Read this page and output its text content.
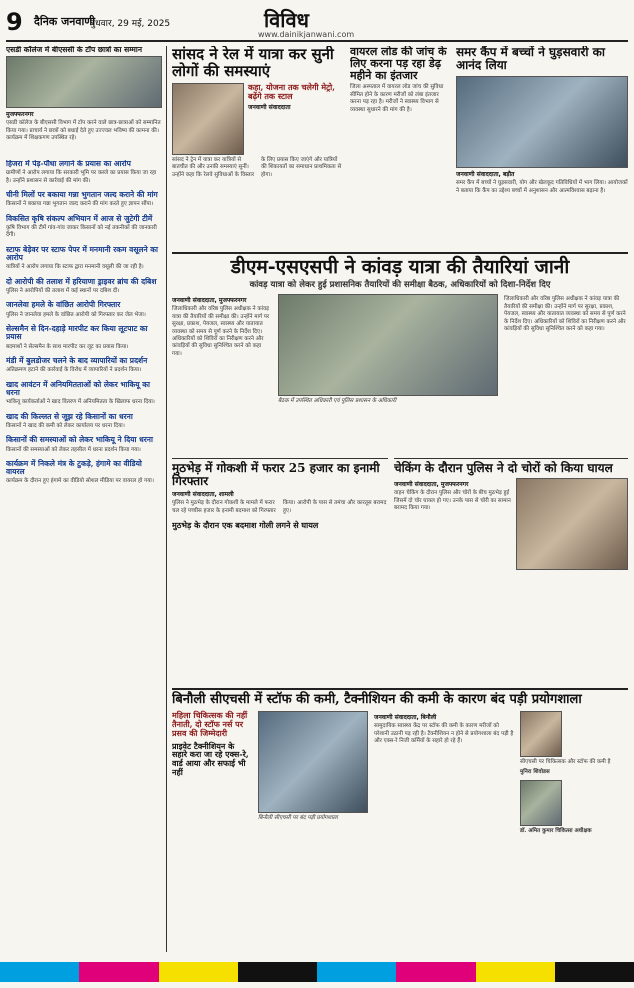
9 दैनिक जनवाणी
बुधवार, 29 मई, 2025	विविध
www.dainikjanwani.com

एसडी कॉलेज में बीएससी के टॉप छात्रों का सम्मान

मुजफ्फरनगर

एसडी कॉलेज के बीएससी विभाग में टॉप करने वाले छात्र-छात्राओं को सम्मानित किया गया। प्राचार्य ने छात्रों को बधाई देते हुए उज्ज्वल भविष्य की कामना की। कार्यक्रम में शिक्षकगण उपस्थित रहे।

हिजरा में पेड़-पौधा लगाने के प्रयास का आरोप

ग्रामीणों ने आरोप लगाया कि सरकारी भूमि पर कब्जे का प्रयास किया जा रहा है। उन्होंने प्रशासन से कार्रवाई की मांग की।

चीनी मिलों पर बकाया गन्ना भुगतान जल्द कराने की मांग

किसानों ने बकाया गन्ना भुगतान जल्द कराने की मांग करते हुए ज्ञापन सौंपा।

विकसित कृषि संकल्प अभियान में आज से जुटेगी टीमें

कृषि विभाग की टीमें गांव-गांव जाकर किसानों को नई तकनीकों की जानकारी देंगी।

स्टाफ बेड़ेवर पर स्टाफ पेपर में मनमानी रकम वसूलने का आरोप

यात्रियों ने आरोप लगाया कि स्टाफ द्वारा मनमानी वसूली की जा रही है।

दो आरोपी की तलाश में हरियाणा ड्राइवर ब्रांच की दबिश

पुलिस ने आरोपियों की तलाश में कई स्थानों पर दबिश दी।

जानलेवा हमले के वांछित आरोपी गिरफ्तार

पुलिस ने जानलेवा हमले के वांछित आरोपी को गिरफ्तार कर जेल भेजा।

सेल्समैन से दिन-दहाड़े मारपीट कर किया लूटपाट का प्रयास

बदमाशों ने सेल्समैन के साथ मारपीट कर लूट का प्रयास किया।

मंडी में बुलडोजर चलने के बाद व्यापारियों का प्रदर्शन

अतिक्रमण हटाने की कार्रवाई के विरोध में व्यापारियों ने प्रदर्शन किया।

खाद आवंटन में अनियमितताओं को लेकर भाकियू का धरना

भाकियू कार्यकर्ताओं ने खाद वितरण में अनियमितता के खिलाफ धरना दिया।

खाद की किल्लत से जूझ रहे किसानों का धरना

किसानों ने खाद की कमी को लेकर कार्यालय पर धरना दिया।

किसानों की समस्याओं को लेकर भाकियू ने दिया धरना

किसानों की समस्याओं को लेकर तहसील में धरना प्रदर्शन किया गया।

कार्यक्रम में निकले मंत्र के टुकड़े, हंगामे का वीडियो वायरल

कार्यक्रम के दौरान हुए हंगामे का वीडियो सोशल मीडिया पर वायरल हो गया।

सांसद ने रेल में यात्रा कर सुनी लोगों की समस्याएं

कहा, योजना तक चलेगी मेट्रो, बढ़ेंगे तक स्टाल

जनवाणी संवाददाता

सांसद ने ट्रेन में यात्रा कर यात्रियों से बातचीत की और उनकी समस्याएं सुनीं। उन्होंने कहा कि रेलवे सुविधाओं के विस्तार के लिए प्रयास किए जाएंगे और यात्रियों की शिकायतों का समाधान प्राथमिकता से होगा।

वायरल लोड की जांच के लिए करना पड़ रहा डेढ़ महीने का इंतजार

जिला अस्पताल में वायरल लोड जांच की सुविधा सीमित होने के कारण मरीजों को लंबा इंतजार करना पड़ रहा है। मरीजों ने स्वास्थ्य विभाग से व्यवस्था सुधारने की मांग की है।

समर कैंप में बच्चों ने घुड़सवारी का आनंद लिया

जनवाणी संवाददाता, बड़ौत

समर कैंप में बच्चों ने घुड़सवारी, योग और खेलकूद गतिविधियों में भाग लिया। आयोजकों ने बताया कि कैंप का उद्देश्य बच्चों में अनुशासन और आत्मविश्वास बढ़ाना है।

डीएम-एसएसपी ने कांवड़ यात्रा की तैयारियां जानी

कांवड़ यात्रा को लेकर हुई प्रशासनिक तैयारियों की समीक्षा बैठक, अधिकारियों को दिशा-निर्देश दिए

जनवाणी संवाददाता, मुजफ्फरनगर

जिलाधिकारी और वरिष्ठ पुलिस अधीक्षक ने कांवड़ यात्रा की तैयारियों की समीक्षा की। उन्होंने मार्ग पर सुरक्षा, प्रकाश, पेयजल, स्वास्थ्य और यातायात व्यवस्था को समय से पूर्ण करने के निर्देश दिए। अधिकारियों को शिविरों का निरीक्षण करने और कांवड़ियों की सुविधा सुनिश्चित करने को कहा गया।

बैठक में उपस्थित अधिकारी एवं पुलिस प्रशासन के अधिकारी

जिलाधिकारी और वरिष्ठ पुलिस अधीक्षक ने कांवड़ यात्रा की तैयारियों की समीक्षा की। उन्होंने मार्ग पर सुरक्षा, प्रकाश, पेयजल, स्वास्थ्य और यातायात व्यवस्था को समय से पूर्ण करने के निर्देश दिए। अधिकारियों को शिविरों का निरीक्षण करने और कांवड़ियों की सुविधा सुनिश्चित करने को कहा गया।

मुठभेड़ में गोकशी में फरार 25 हजार का इनामी गिरफ्तार

जनवाणी संवाददाता, शामली

पुलिस ने मुठभेड़ के दौरान गोकशी के मामले में फरार चल रहे पच्चीस हजार के इनामी बदमाश को गिरफ्तार किया। आरोपी के पास से तमंचा और कारतूस बरामद हुए।

मुठभेड़ के दौरान एक बदमाश गोली लगने से घायल

चेकिंग के दौरान पुलिस ने दो चोरों को किया घायल

जनवाणी संवाददाता, मुजफ्फरनगर

वाहन चेकिंग के दौरान पुलिस और चोरों के बीच मुठभेड़ हुई जिसमें दो चोर घायल हो गए। उनके पास से चोरी का सामान बरामद किया गया।

बिनौली सीएचसी में स्टॉफ की कमी, टैक्नीशियन की कमी के कारण बंद पड़ी प्रयोगशाला

महिला चिकित्सक की नहीं तैनाती, दो स्टॉफ नर्स पर प्रसव की जिम्मेदारी

प्राइवेट टैक्नीशियन के सहारे करा जा रहे एक्स-रे, वार्ड आया और सफाई भी नहीं

बिनौली सीएचसी पर बंद पड़ी प्रयोगशाला

जनवाणी संवाददाता, बिनौली

सामुदायिक स्वास्थ्य केंद्र पर स्टॉफ की कमी के कारण मरीजों को परेशानी उठानी पड़ रही है। टैक्नीशियन न होने से प्रयोगशाला बंद पड़ी है और एक्स-रे निजी कर्मियों के सहारे हो रहे हैं।

सीएचसी पर चिकित्सक और स्टॉफ की कमी है

मुनिरा शिवोडस

डॉ. अमित कुमार चिकित्सा अधीक्षक
